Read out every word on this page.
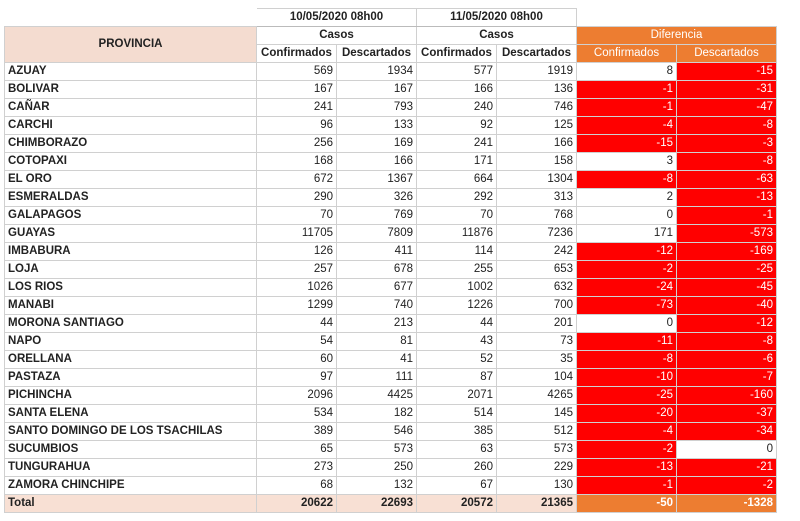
	10/05/2020 08h00		11/05/2020 08h00			
PROVINCIA	Casos		Casos		Diferencia	
	Confirmados	Descartados	Confirmados	Descartados	Confirmados	Descartados
AZUAY	569	1934	577	1919	8	-15
BOLIVAR	167	167	166	136	-1	-31
CAÑAR	241	793	240	746	-1	-47
CARCHI	96	133	92	125	-4	-8
CHIMBORAZO	256	169	241	166	-15	-3
COTOPAXI	168	166	171	158	3	-8
EL ORO	672	1367	664	1304	-8	-63
ESMERALDAS	290	326	292	313	2	-13
GALAPAGOS	70	769	70	768	0	-1
GUAYAS	11705	7809	11876	7236	171	-573
IMBABURA	126	411	114	242	-12	-169
LOJA	257	678	255	653	-2	-25
LOS RIOS	1026	677	1002	632	-24	-45
MANABI	1299	740	1226	700	-73	-40
MORONA SANTIAGO	44	213	44	201	0	-12
NAPO	54	81	43	73	-11	-8
ORELLANA	60	41	52	35	-8	-6
PASTAZA	97	111	87	104	-10	-7
PICHINCHA	2096	4425	2071	4265	-25	-160
SANTA ELENA	534	182	514	145	-20	-37
SANTO DOMINGO DE LOS TSACHILAS	389	546	385	512	-4	-34
SUCUMBIOS	65	573	63	573	-2	0
TUNGURAHUA	273	250	260	229	-13	-21
ZAMORA CHINCHIPE	68	132	67	130	-1	-2
Total	20622	22693	20572	21365	-50	-1328
